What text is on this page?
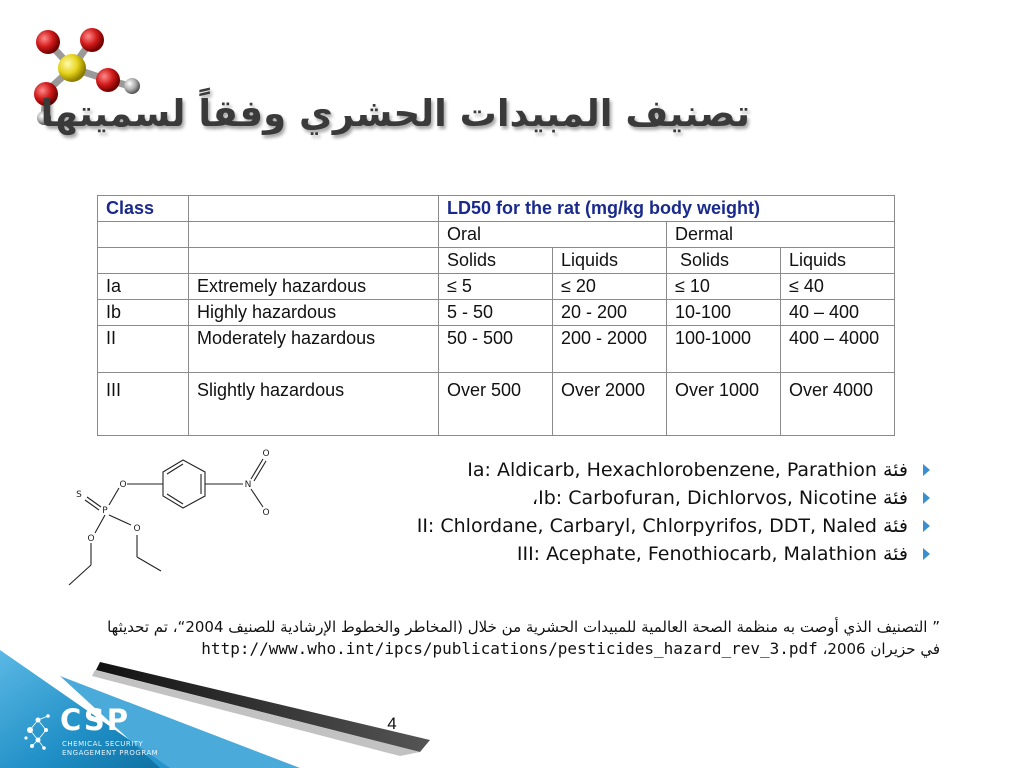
تصنيف المبيدات الحشري وفقاً لسميتها
Class		LD50 for the rat (mg/kg body weight)			
		Oral		Dermal	
		Solids	Liquids	Solids	Liquids
Ia	Extremely hazardous	≤ 5	≤ 20	≤ 10	≤ 40
Ib	Highly hazardous	5 - 50	20 - 200	10-100	40 – 400
II	Moderately hazardous	50 - 500	200 - 2000	100-1000	400 – 4000
III	Slightly hazardous	Over 500	Over 2000	Over 1000	Over 4000
O	N
O
O
P
S
O
O
فئة Ia: Aldicarb, Hexachlorobenzene, Parathion
فئة Ib: Carbofuran, Dichlorvos, Nicotine،
فئة II: Chlordane, Carbaryl, Chlorpyrifos, DDT, Naled
فئة III: Acephate, Fenothiocarb, Malathion
CSP
CHEMICAL SECURITY
ENGAGEMENT PROGRAM
” التصنيف الذي أوصت به منظمة الصحة العالمية للمبيدات الحشرية من خلال (المخاطر والخطوط الإرشادية للصنيف 2004“، تم تحديثها
في حزيران 2006، http://www.who.int/ipcs/publications/pesticides_hazard_rev_3.pdf
4
